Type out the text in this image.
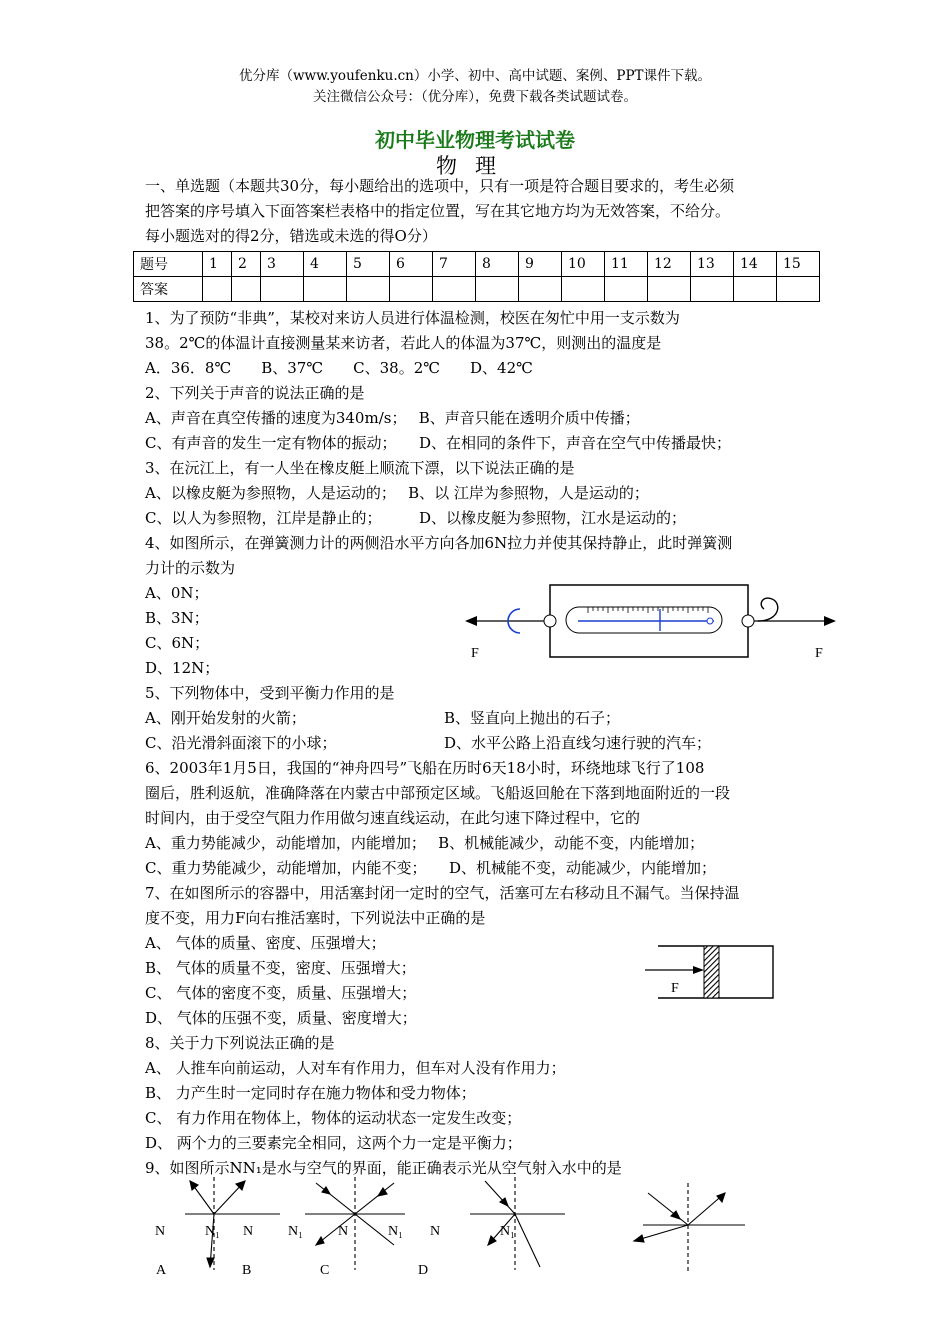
优分库（www.youfenku.cn）小学、初中、高中试题、案例、PPT课件下载。
关注微信公众号：（优分库），免费下载各类试题试卷。
初中毕业物理考试试卷
物理
一、单选题（本题共30分，每小题给出的选项中，只有一项是符合题目要求的，考生必须
把答案的序号填入下面答案栏表格中的指定位置，写在其它地方均为无效答案，不给分。
每小题选对的得2分，错选或未选的得O分）
题号	1	2	3	4	5	6	7	8	9	10	11	12	13	14	15
答案															
1、为了预防“非典”，某校对来访人员进行体温检测，校医在匆忙中用一支示数为
38。2℃的体温计直接测量某来访者，若此人的体温为37℃，则测出的温度是
A．36．8℃　　B、37℃　　C、38。2℃　　D、42℃
2、下列关于声音的说法正确的是
A、声音在真空传播的速度为340m/s；　 B、声音只能在透明介质中传播；
C、有声音的发生一定有物体的振动；　　D、在相同的条件下，声音在空气中传播最快；
3、在沅江上，有一人坐在橡皮艇上顺流下漂，以下说法正确的是
A、以橡皮艇为参照物，人是运动的；　 B、以 江岸为参照物，人是运动的；
C、以人为参照物，江岸是静止的；　　　D、以橡皮艇为参照物，江水是运动的；
4、如图所示，在弹簧测力计的两侧沿水平方向各加6N拉力并使其保持静止，此时弹簧测
力计的示数为
A、0N；
B、3N；
C、6N；
D、12N；
F	F
5、下列物体中，受到平衡力作用的是
A、刚开始发射的火箭；	B、竖直向上抛出的石子；
C、沿光滑斜面滚下的小球；	D、水平公路上沿直线匀速行驶的汽车；
6、2003年1月5日，我国的“神舟四号”飞船在历时6天18小时，环绕地球飞行了108
圈后，胜利返航，准确降落在内蒙古中部预定区域。飞船返回舱在下落到地面附近的一段
时间内，由于受空气阻力作用做匀速直线运动，在此匀速下降过程中，它的
A、重力势能减少，动能增加，内能增加；　 B、机械能减少，动能不变，内能增加；
C、重力势能减少，动能增加，内能不变；　　D、机械能不变，动能减少，内能增加；
7、在如图所示的容器中，用活塞封闭一定时的空气，活塞可左右移动且不漏气。当保持温
度不变，用力F向右推活塞时，下列说法中正确的是
A、 气体的质量、密度、压强增大；
B、 气体的质量不变，密度、压强增大；
C、 气体的密度不变，质量、压强增大；
D、 气体的压强不变，质量、密度增大；
F
8、关于力下列说法正确的是
A、 人推车向前运动，人对车有作用力，但车对人没有作用力；
B、 力产生时一定同时存在施力物体和受力物体；
C、 有力作用在物体上，物体的运动状态一定发生改变；
D、 两个力的三要素完全相同，这两个力一定是平衡力；
9、如图所示NN₁是水与空气的界面，能正确表示光从空气射入水中的是
N	N₁ N N₁	N	N₁ N	N₁
A	B	C	D
